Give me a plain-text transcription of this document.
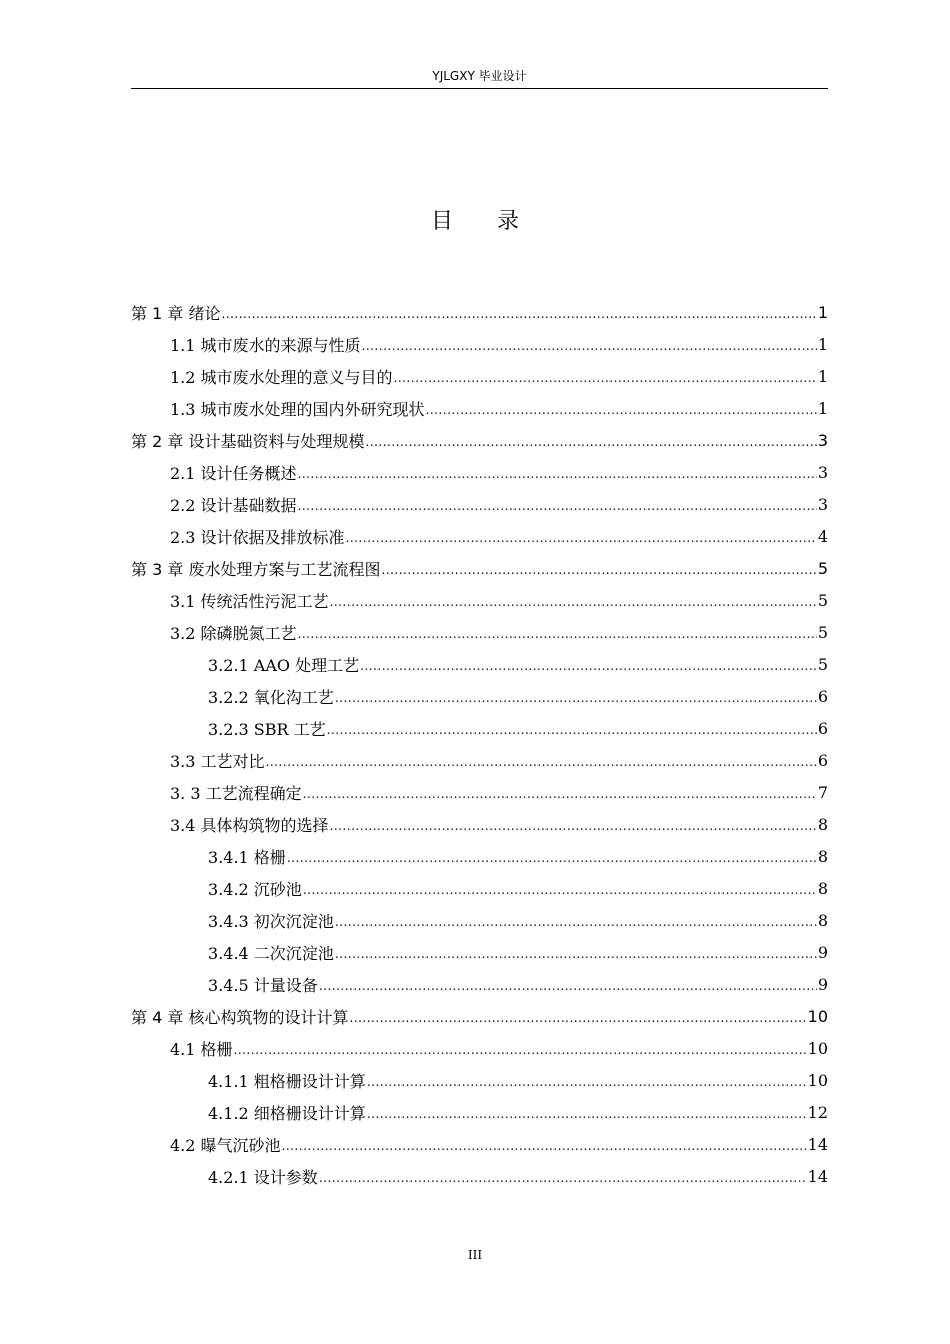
YJLGXY 毕业设计
目录
第 1 章 绪论 .....	1
1.1 城市废水的来源与性质 .....	1
1.2 城市废水处理的意义与目的 .....	1
1.3 城市废水处理的国内外研究现状 .....	1
第 2 章 设计基础资料与处理规模 .....	3
2.1 设计任务概述 .....	3
2.2 设计基础数据 .....	3
2.3 设计依据及排放标准 .....	4
第 3 章 废水处理方案与工艺流程图 .....	5
3.1 传统活性污泥工艺 .....	5
3.2 除磷脱氮工艺 .....	5
3.2.1 AAO 处理工艺 .....	5
3.2.2 氧化沟工艺 .....	6
3.2.3 SBR 工艺 .....	6
3.3 工艺对比 .....	6
3. 3 工艺流程确定 .....	7
3.4 具体构筑物的选择 .....	8
3.4.1 格栅 .....	8
3.4.2 沉砂池 .....	8
3.4.3 初次沉淀池 .....	8
3.4.4 二次沉淀池 .....	9
3.4.5 计量设备 .....	9
第 4 章 核心构筑物的设计计算 .....	10
4.1 格栅 .....	10
4.1.1 粗格栅设计计算 .....	10
4.1.2 细格栅设计计算 .....	12
4.2 曝气沉砂池 .....	14
4.2.1 设计参数 .....	14
III
